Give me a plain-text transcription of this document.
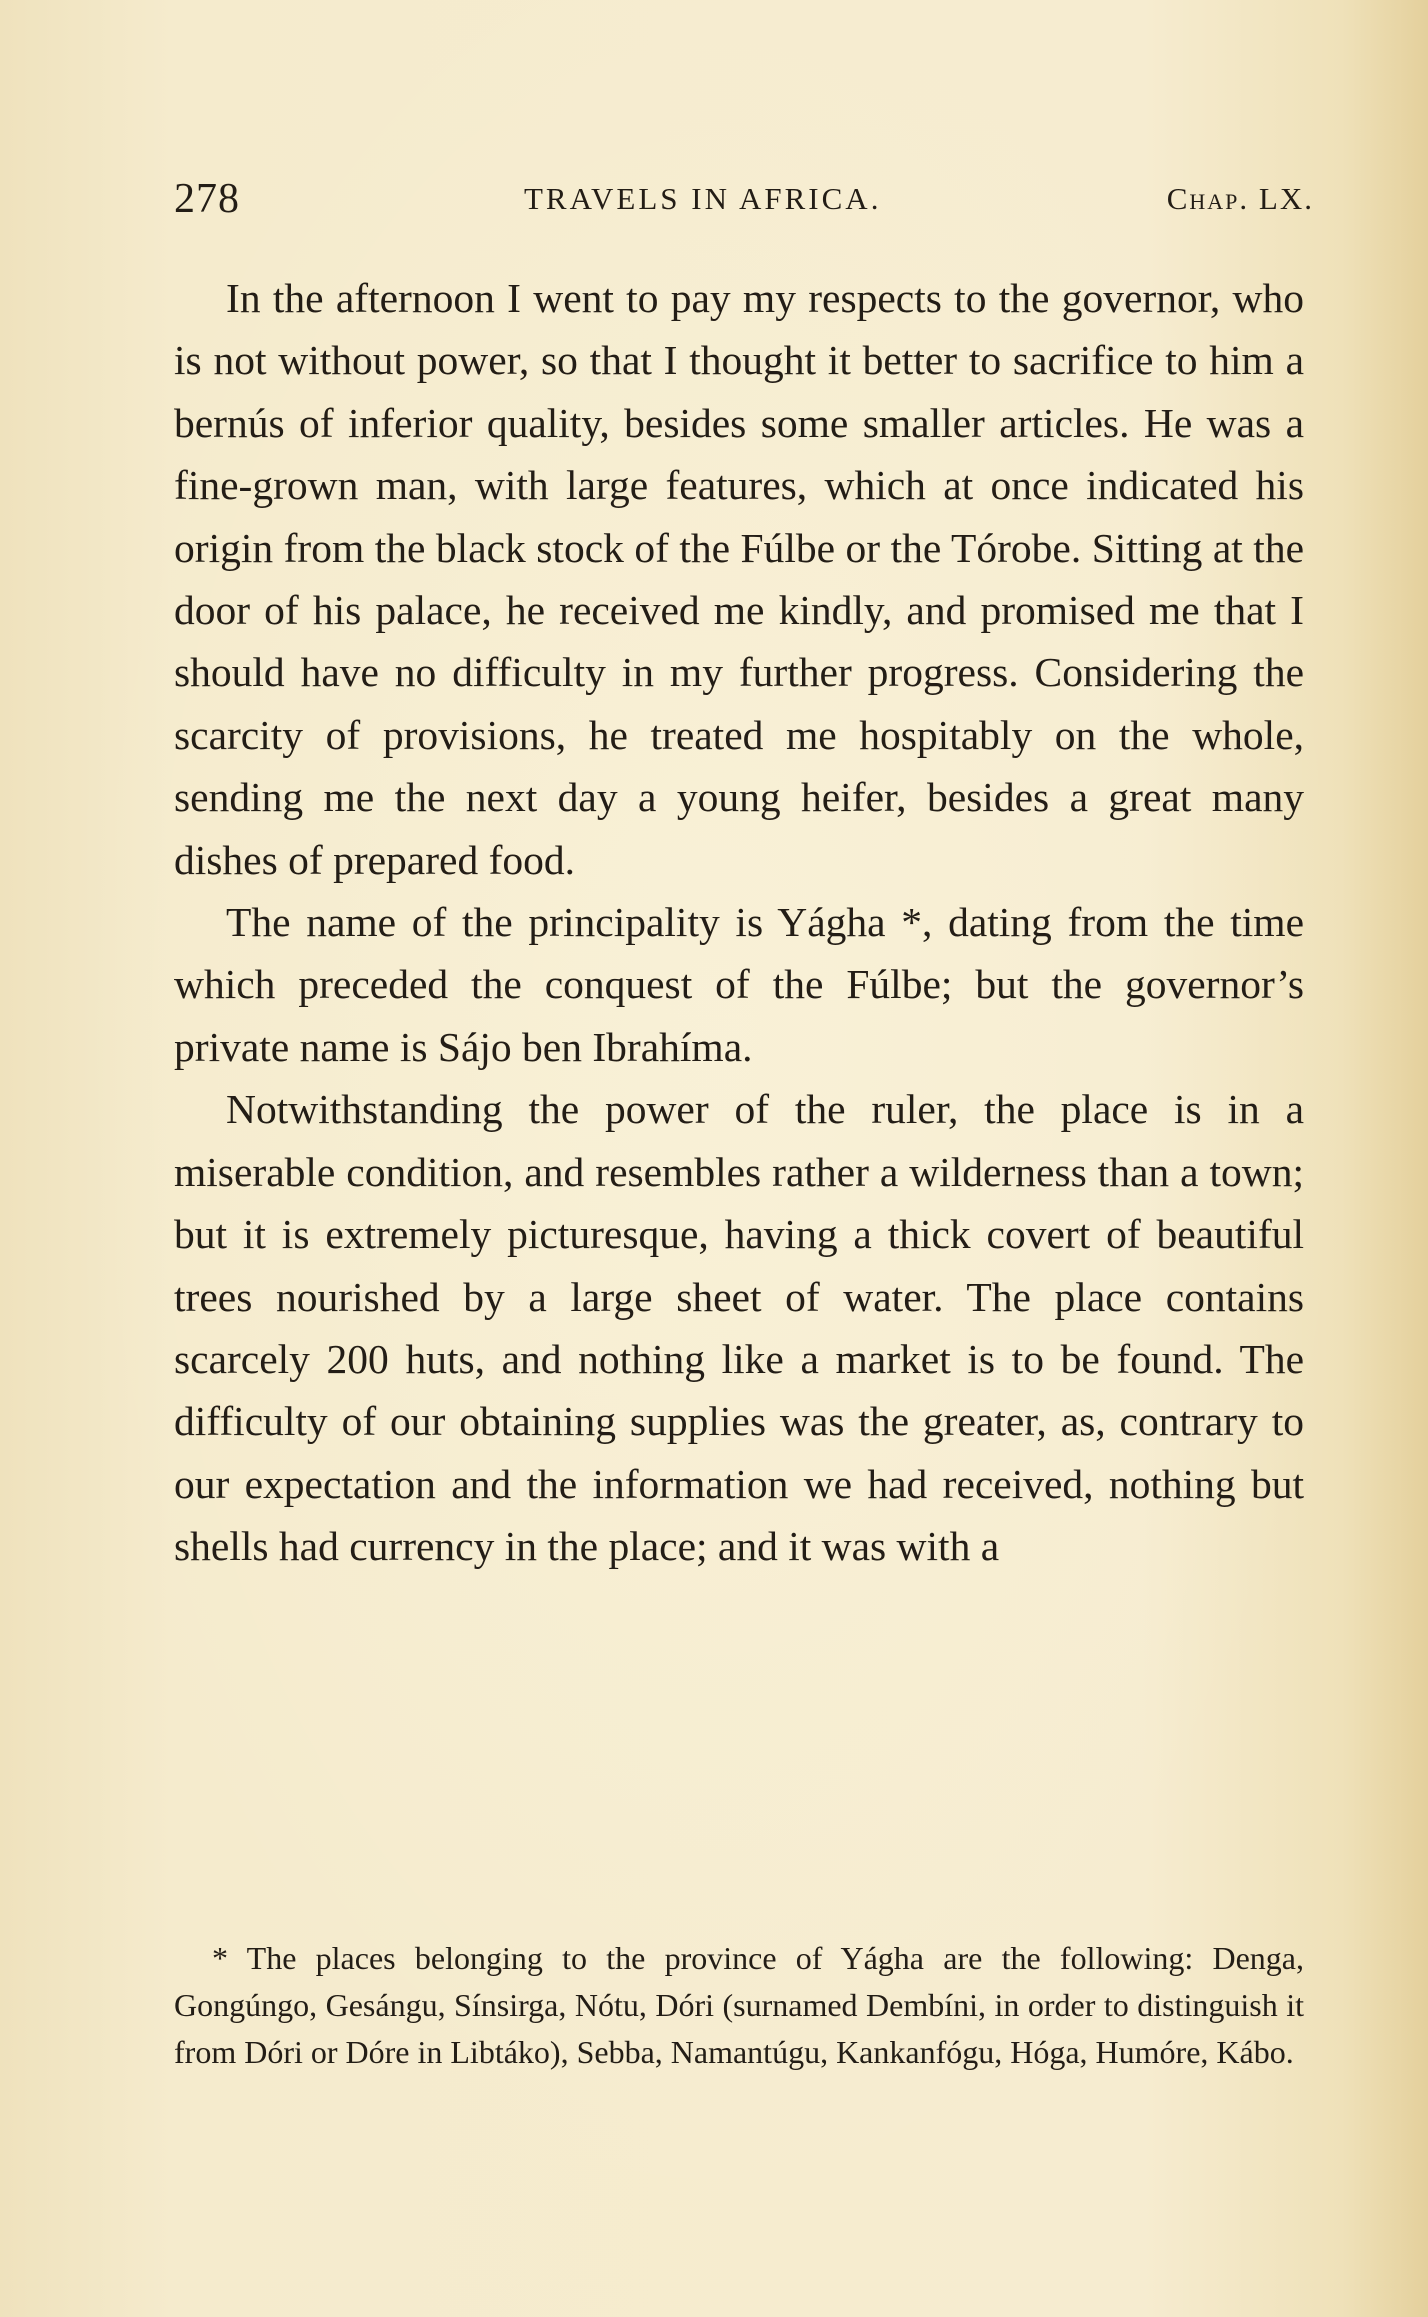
278	TRAVELS IN AFRICA.	Chap. LX.

In the afternoon I went to pay my respects to the governor, who is not without power, so that I thought it better to sacrifice to him a bernús of inferior quality, besides some smaller articles. He was a fine-grown man, with large features, which at once indicated his origin from the black stock of the Fúlbe or the Tórobe. Sitting at the door of his palace, he received me kindly, and promised me that I should have no difficulty in my further progress. Considering the scarcity of provisions, he treated me hospitably on the whole, sending me the next day a young heifer, besides a great many dishes of prepared food.

The name of the principality is Yágha *, dating from the time which preceded the conquest of the Fúlbe; but the governor’s private name is Sájo ben Ibrahíma.

Notwithstanding the power of the ruler, the place is in a miserable condition, and resembles rather a wilderness than a town; but it is extremely picturesque, having a thick covert of beautiful trees nourished by a large sheet of water. The place contains scarcely 200 huts, and nothing like a market is to be found. The difficulty of our obtaining supplies was the greater, as, contrary to our expectation and the information we had received, nothing but shells had currency in the place; and it was with a

* The places belonging to the province of Yágha are the following: Denga, Gongúngo, Gesángu, Sínsirga, Nótu, Dóri (surnamed Dembíni, in order to distinguish it from Dóri or Dóre in Libtáko), Sebba, Namantúgu, Kankanfógu, Hóga, Humóre, Kábo.
